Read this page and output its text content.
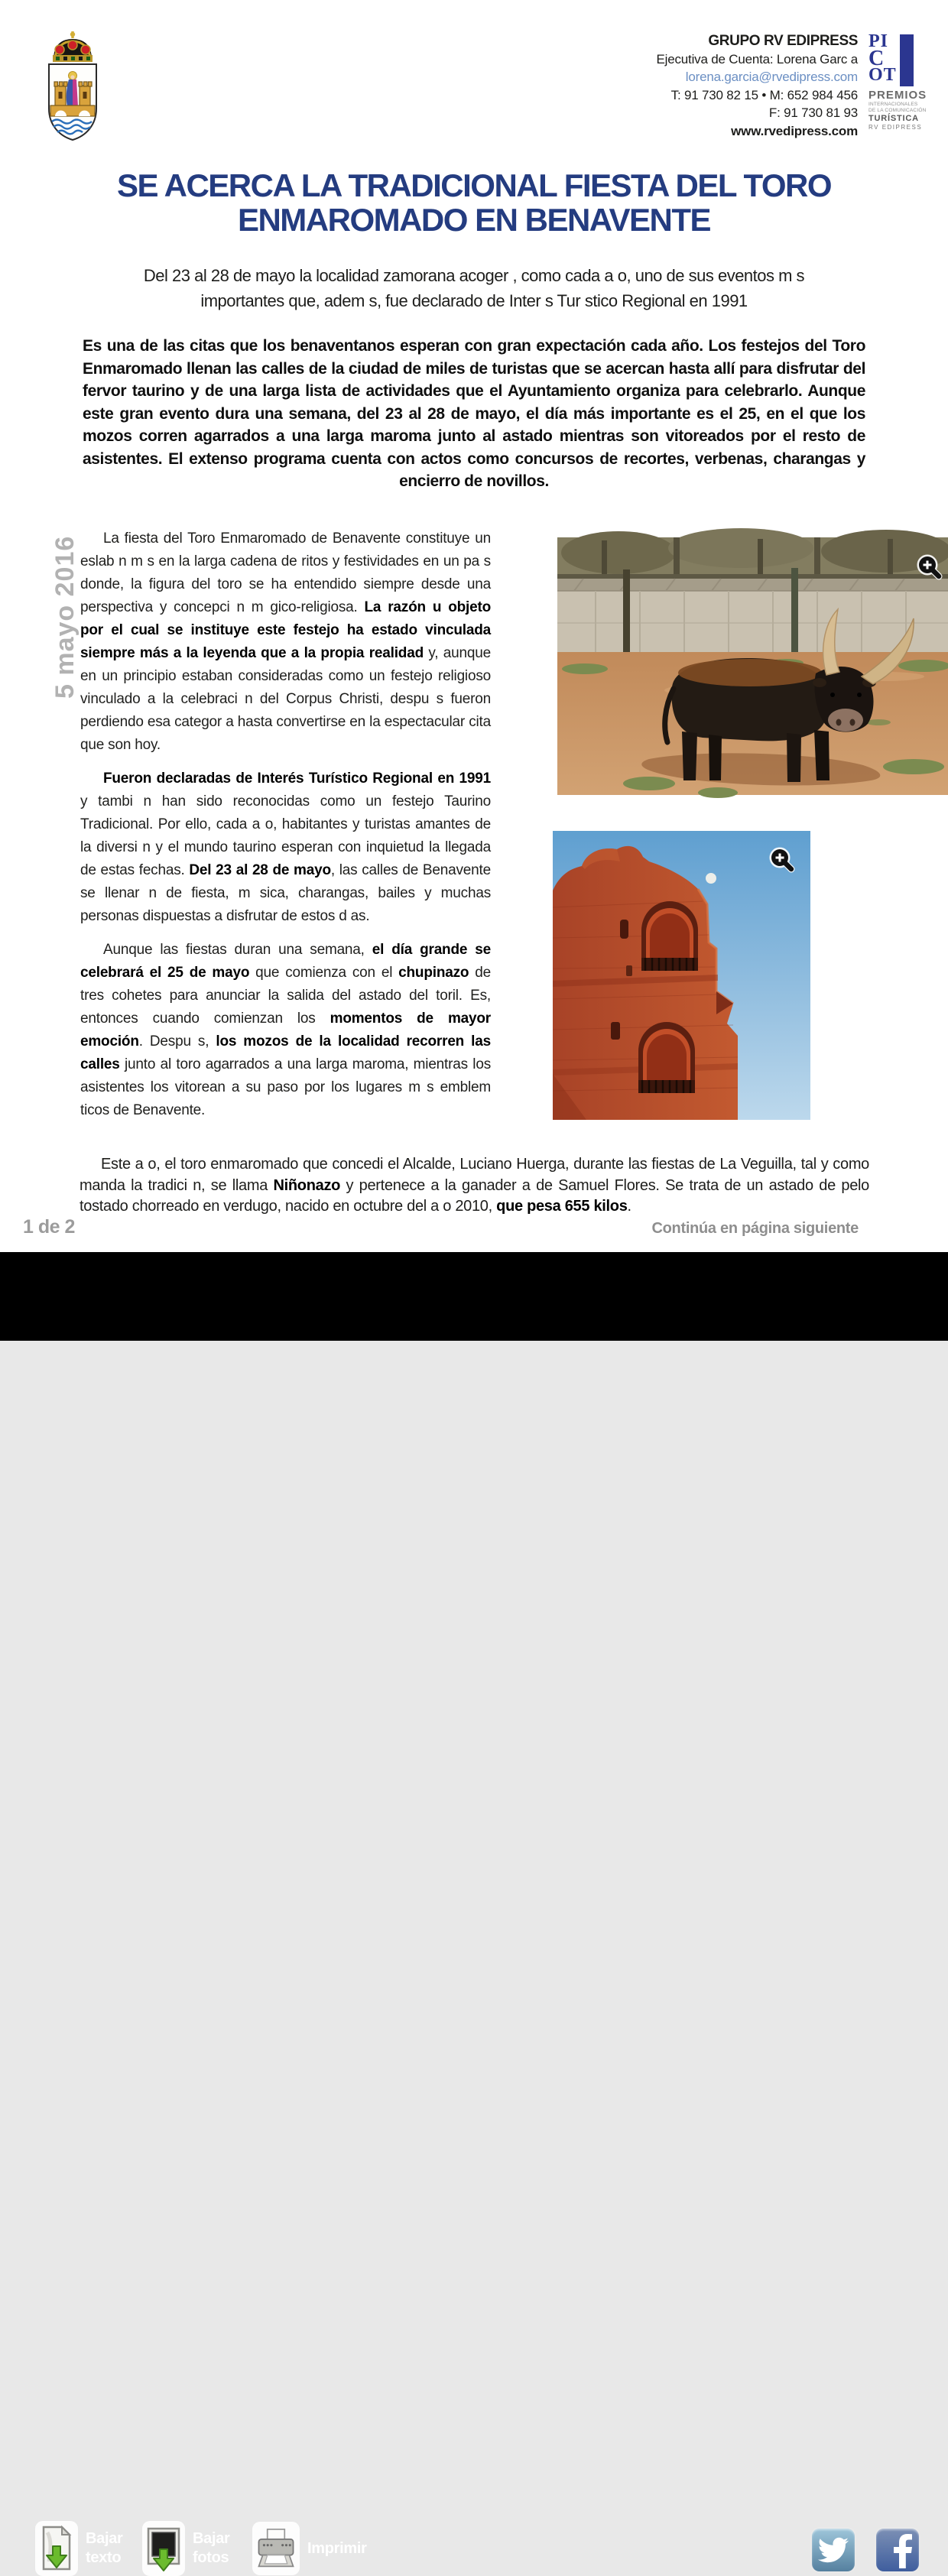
GRUPO RV EDIPRESS
Ejecutiva de Cuenta: Lorena Garc a
lorena.garcia@rvedipress.com
T: 91 730 82 15 • M: 652 984 456
F: 91 730 81 93
www.rvedipress.com
PI
C
OT
PREMIOS
INTERNACIONALES
DE LA COMUNICACIÓN
TURÍSTICA
RV EDIPRESS
SE ACERCA LA TRADICIONAL FIESTA DEL TORO
ENMAROMADO EN BENAVENTE
Del 23 al 28 de mayo la localidad zamorana acoger , como cada a o, uno de sus eventos m s
importantes que, adem s, fue declarado de Inter s Tur stico Regional en 1991
Es una de las citas que los benaventanos esperan con gran expectación cada año. Los festejos del Toro Enmaromado llenan las calles de la ciudad de miles de turistas que se acercan hasta allí para disfrutar del fervor taurino y de una larga lista de actividades que el Ayuntamiento organiza para celebrarlo. Aunque este gran evento dura una semana, del 23 al 28 de mayo, el día más importante es el 25, en el que los mozos corren agarrados a una larga maroma junto al astado mientras son vitoreados por el resto de asistentes. El extenso programa cuenta con actos como concursos de recortes, verbenas, charangas y encierro de novillos.
5 mayo 2016	La fiesta del Toro Enmaromado de Benavente constituye un eslab n m s en la larga cadena de ritos y festividades en un pa s donde, la figura del toro se ha entendido siempre desde una perspectiva y concepci n m gico-religiosa. La razón u objeto por el cual se instituye este festejo ha estado vinculada siempre más a la leyenda que a la propia realidad y, aunque en un principio estaban consideradas como un festejo religioso vinculado a la celebraci n del Corpus Christi, despu s fueron perdiendo esa categor a hasta convertirse en la espectacular cita que son hoy.

Fueron declaradas de Interés Turístico Regional en 1991 y tambi n han sido reconocidas como un festejo Taurino Tradicional. Por ello, cada a o, habitantes y turistas amantes de la diversi n y el mundo taurino esperan con inquietud la llegada de estas fechas. Del 23 al 28 de mayo, las calles de Benavente se llenar n de fiesta, m sica, charangas, bailes y muchas personas dispuestas a disfrutar de estos d as.

Aunque las fiestas duran una semana, el día grande se celebrará el 25 de mayo que comienza con el chupinazo de tres cohetes para anunciar la salida del astado del toril. Es, entonces cuando comienzan los momentos de mayor emoción. Despu s, los mozos de la localidad recorren las calles junto al toro agarrados a una larga maroma, mientras los asistentes los vitorean a su paso por los lugares m s emblem ticos de Benavente.

Este a o, el toro enmaromado que concedi el Alcalde, Luciano Huerga, durante las fiestas de La Veguilla, tal y como manda la tradici n, se llama Niñonazo y pertenece a la ganader a de Samuel Flores. Se trata de un astado de pelo tostado chorreado en verdugo, nacido en octubre del a o 2010, que pesa 655 kilos.

1 de 2	Continúa en página siguiente
Bajar texto
Bajar fotos
Imprimir
